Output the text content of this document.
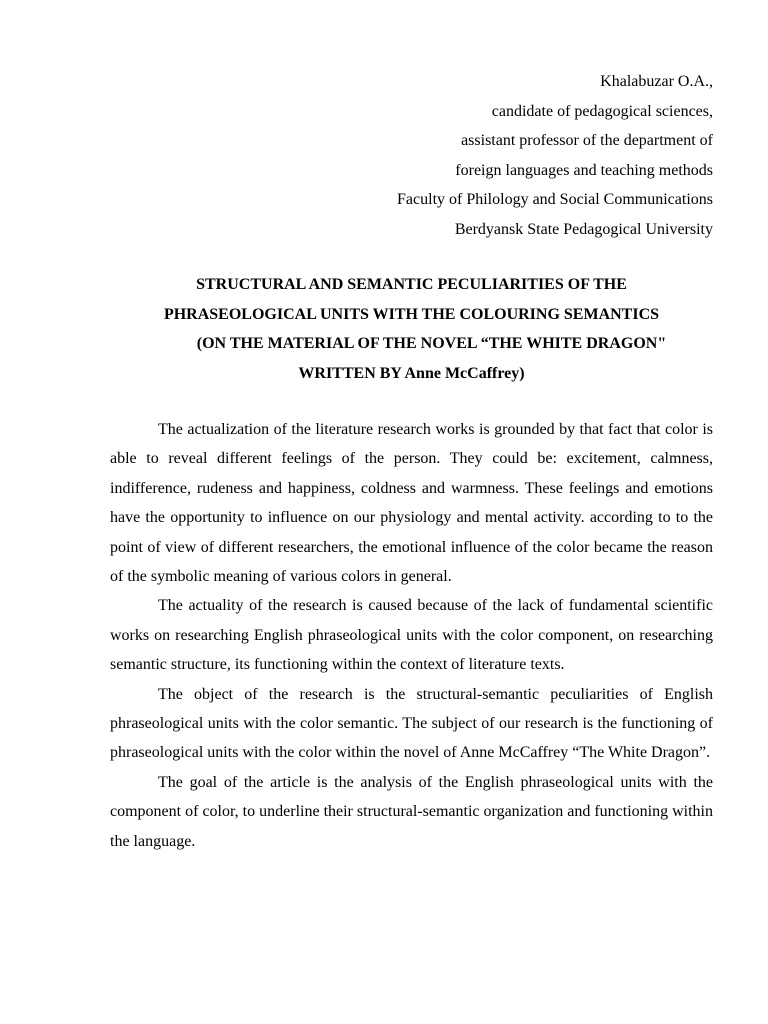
Khalabuzar O.A.,
candidate of pedagogical sciences,
assistant professor of the department of
foreign languages and teaching methods
Faculty of Philology and Social Communications
Berdyansk State Pedagogical University
STRUCTURAL AND SEMANTIC PECULIARITIES OF THE
PHRASEOLOGICAL UNITS WITH THE COLOURING SEMANTICS
(ON THE MATERIAL OF THE NOVEL “THE WHITE DRAGON"
WRITTEN BY Anne McCaffrey)

The actualization of the literature research works is grounded by that fact that color is able to reveal different feelings of the person. They could be: excitement, calmness, indifference, rudeness and happiness, coldness and warmness. These feelings and emotions have the opportunity to influence on our physiology and mental activity. according to to the point of view of different researchers, the emotional influence of the color became the reason of the symbolic meaning of various colors in general.

The actuality of the research is caused because of the lack of fundamental scientific works on researching English phraseological units with the color component, on researching semantic structure, its functioning within the context of literature texts.

The object of the research is the structural-semantic peculiarities of English phraseological units with the color semantic. The subject of our research is the functioning of phraseological units with the color within the novel of Anne McCaffrey “The White Dragon”.

The goal of the article is the analysis of the English phraseological units with the component of color, to underline their structural-semantic organization and functioning within the language.
